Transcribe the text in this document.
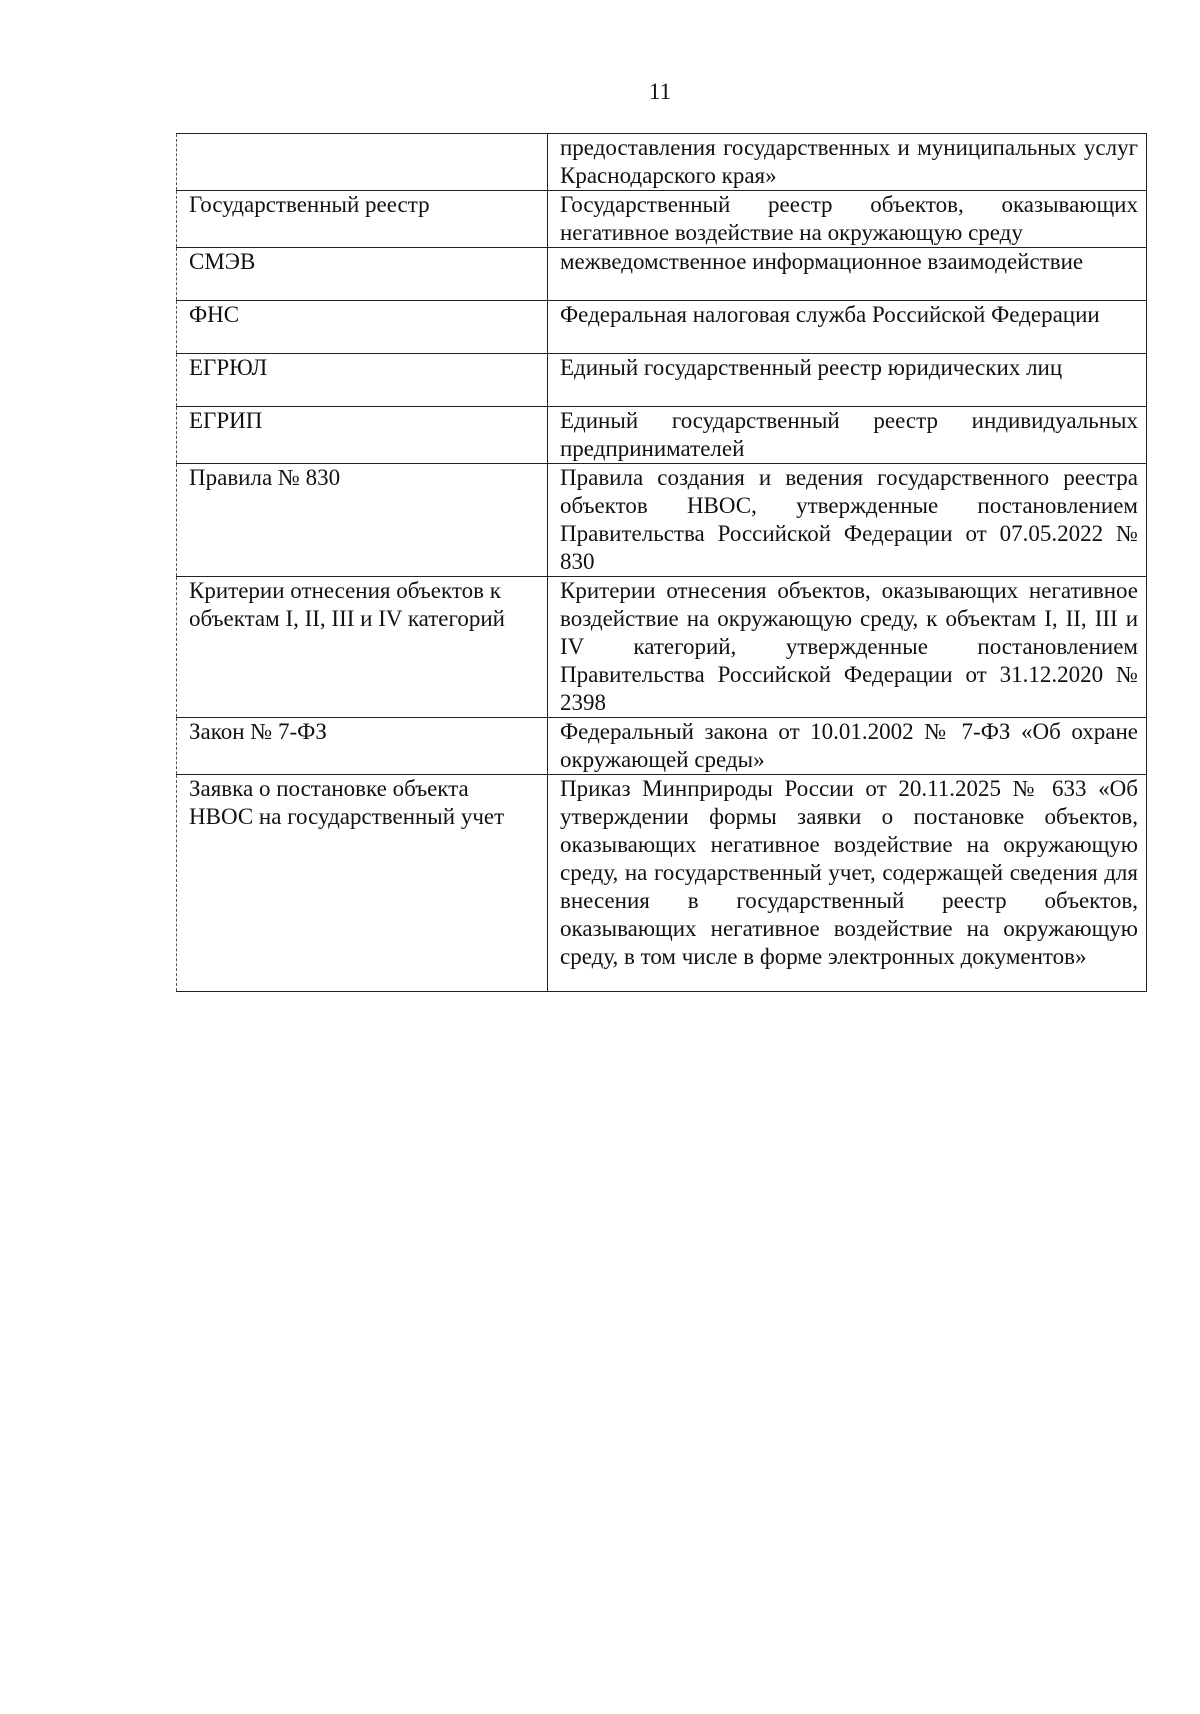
11
	предоставления государственных и муниципальных услуг Краснодарского края»
Государственный реестр	Государственный реестр объектов, оказывающих негативное воздействие на окружающую среду
СМЭВ	межведомственное информационное взаимодействие
ФНС	Федеральная налоговая служба Российской Федерации
ЕГРЮЛ	Единый государственный реестр юридических лиц
ЕГРИП	Единый государственный реестр индивидуальных предпринимателей
Правила № 830	Правила создания и ведения государственного реестра объектов НВОС, утвержденные постановлением Правительства Российской Федерации от 07.05.2022 № 830
Критерии отнесения объектов к объектам I, II, III и IV категорий	Критерии отнесения объектов, оказывающих негативное воздействие на окружающую среду, к объектам I, II, III и IV категорий, утвержденные постановлением Правительства Российской Федерации от 31.12.2020 № 2398
Закон № 7-ФЗ	Федеральный закона от 10.01.2002 № 7-ФЗ «Об охране окружающей среды»
Заявка о постановке объекта НВОС на государственный учет	Приказ Минприроды России от 20.11.2025 № 633 «Об утверждении формы заявки о постановке объектов, оказывающих негативное воздействие на окружающую среду, на государственный учет, содержащей сведения для внесения в государственный реестр объектов, оказывающих негативное воздействие на окружающую среду, в том числе в форме электронных документов»
